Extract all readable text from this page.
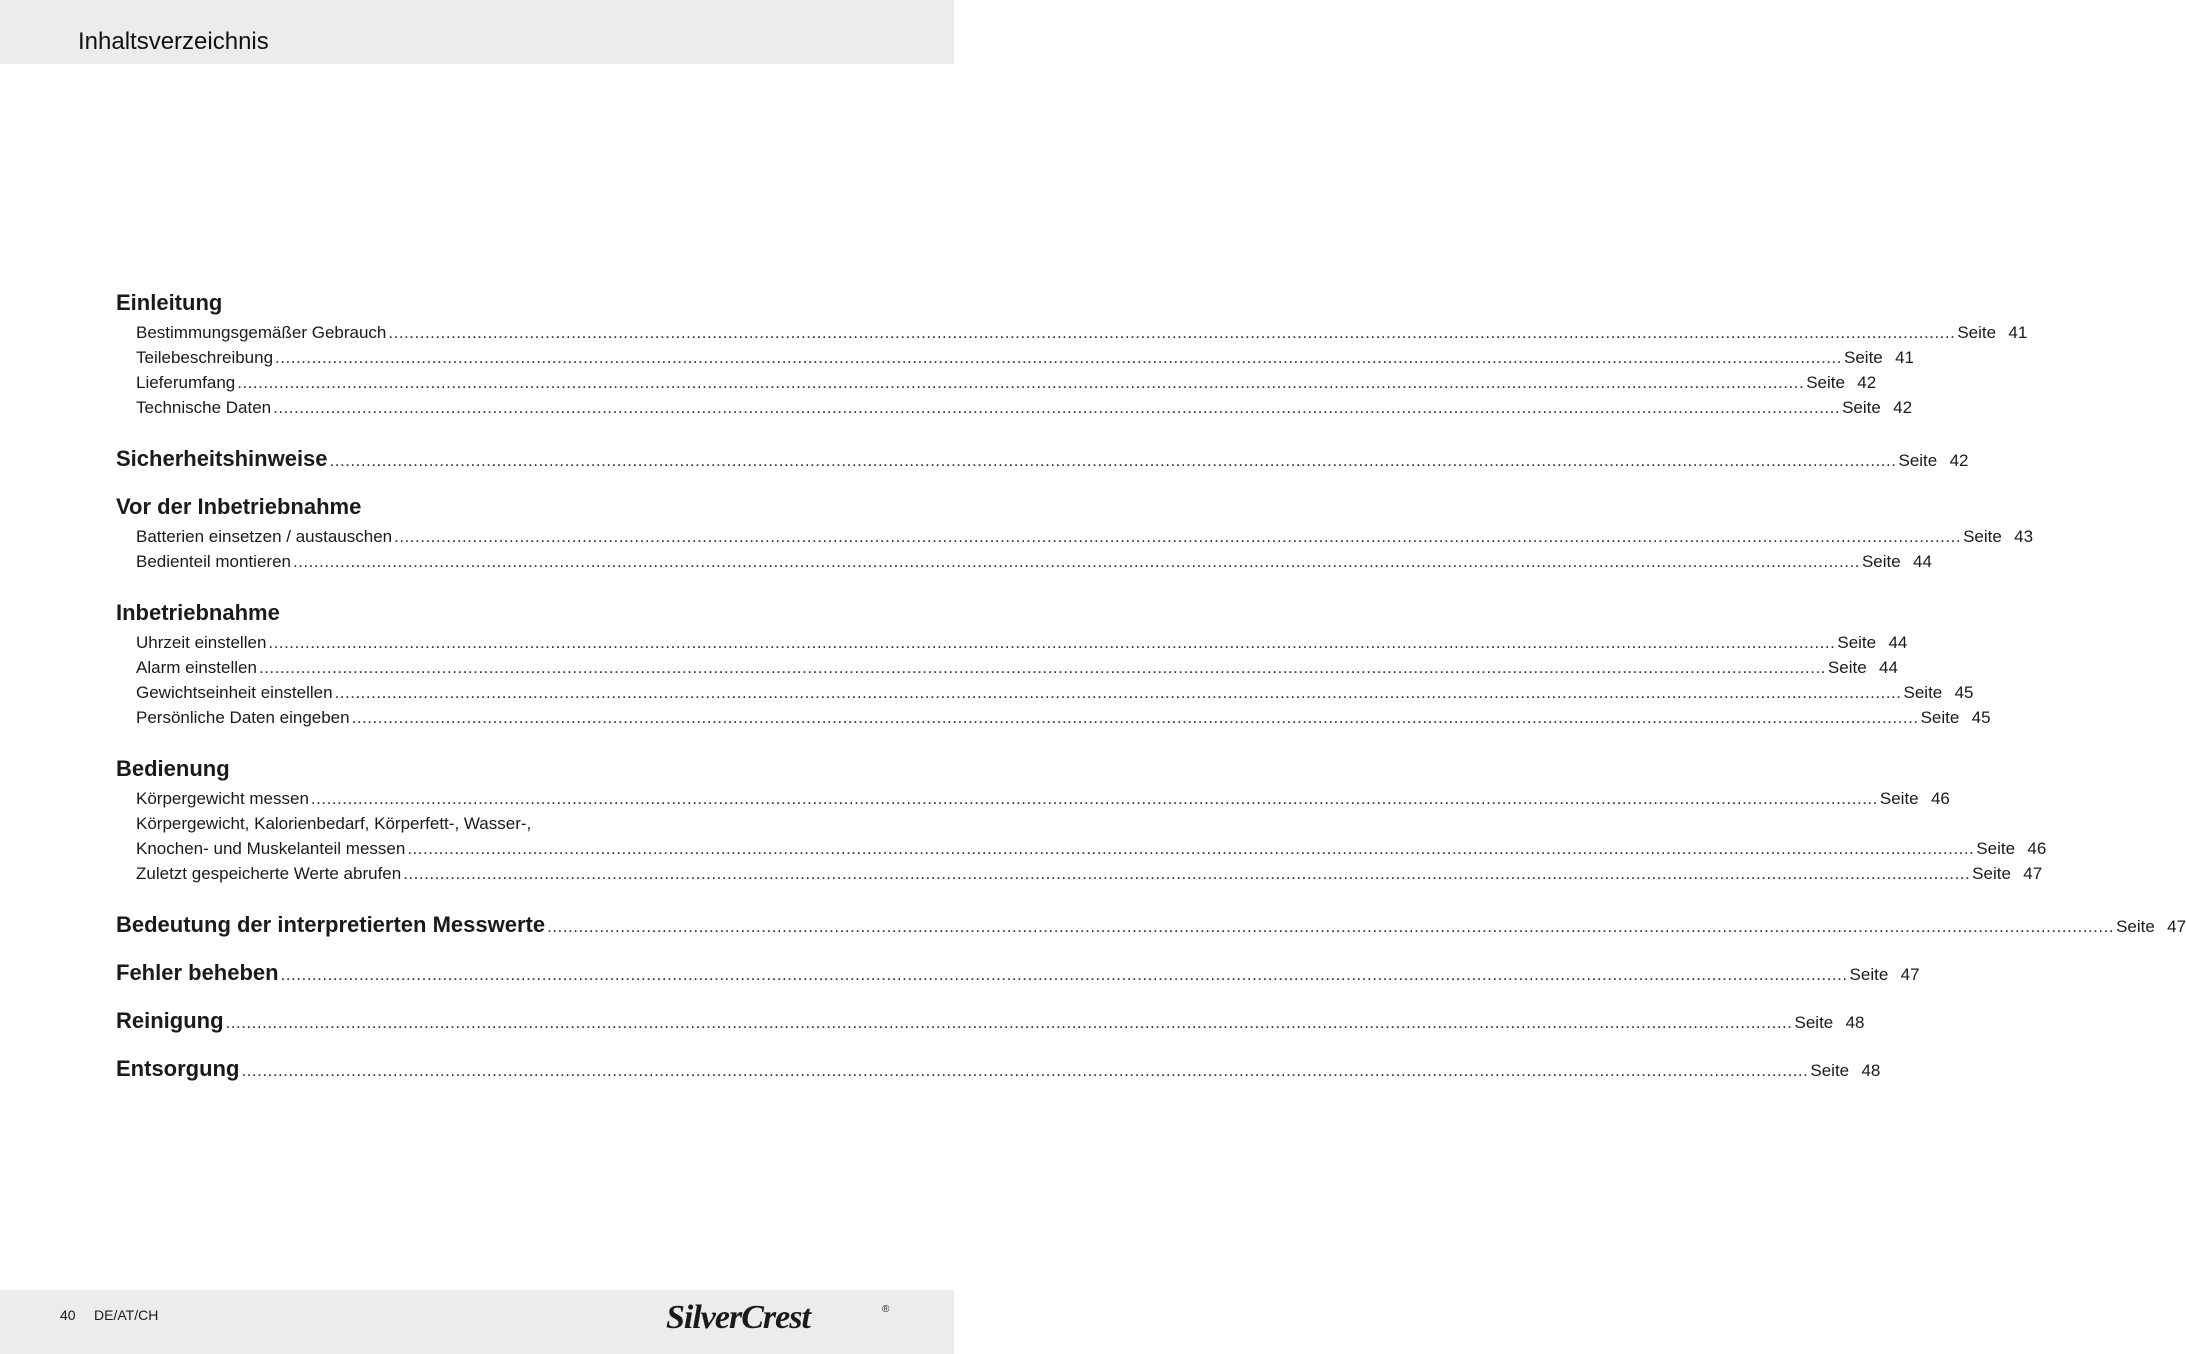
Inhaltsverzeichnis
Einleitung
Bestimmungsgemäßer Gebrauch ............................................................................................................................................................................................................................................................................................................ Seite 41
Teilebeschreibung ............................................................................................................................................................................................................................................................................................................ Seite 41
Lieferumfang ............................................................................................................................................................................................................................................................................................................ Seite 42
Technische Daten ............................................................................................................................................................................................................................................................................................................ Seite 42
Sicherheitshinweise ............................................................................................................................................................................................................................................................................................................ Seite 42
Vor der Inbetriebnahme
Batterien einsetzen / austauschen ............................................................................................................................................................................................................................................................................................................ Seite 43
Bedienteil montieren ............................................................................................................................................................................................................................................................................................................ Seite 44
Inbetriebnahme
Uhrzeit einstellen ............................................................................................................................................................................................................................................................................................................ Seite 44
Alarm einstellen ............................................................................................................................................................................................................................................................................................................ Seite 44
Gewichtseinheit einstellen ............................................................................................................................................................................................................................................................................................................ Seite 45
Persönliche Daten eingeben ............................................................................................................................................................................................................................................................................................................ Seite 45
Bedienung
Körpergewicht messen ............................................................................................................................................................................................................................................................................................................ Seite 46
Körpergewicht, Kalorienbedarf, Körperfett-, Wasser-,
Knochen- und Muskelanteil messen ............................................................................................................................................................................................................................................................................................................ Seite 46
Zuletzt gespeicherte Werte abrufen ............................................................................................................................................................................................................................................................................................................ Seite 47
Bedeutung der interpretierten Messwerte ............................................................................................................................................................................................................................................................................................................ Seite 47
Fehler beheben ............................................................................................................................................................................................................................................................................................................ Seite 47
Reinigung ............................................................................................................................................................................................................................................................................................................ Seite 48
Entsorgung ............................................................................................................................................................................................................................................................................................................ Seite 48
40 DE/AT/CH	SilverCrest	®
